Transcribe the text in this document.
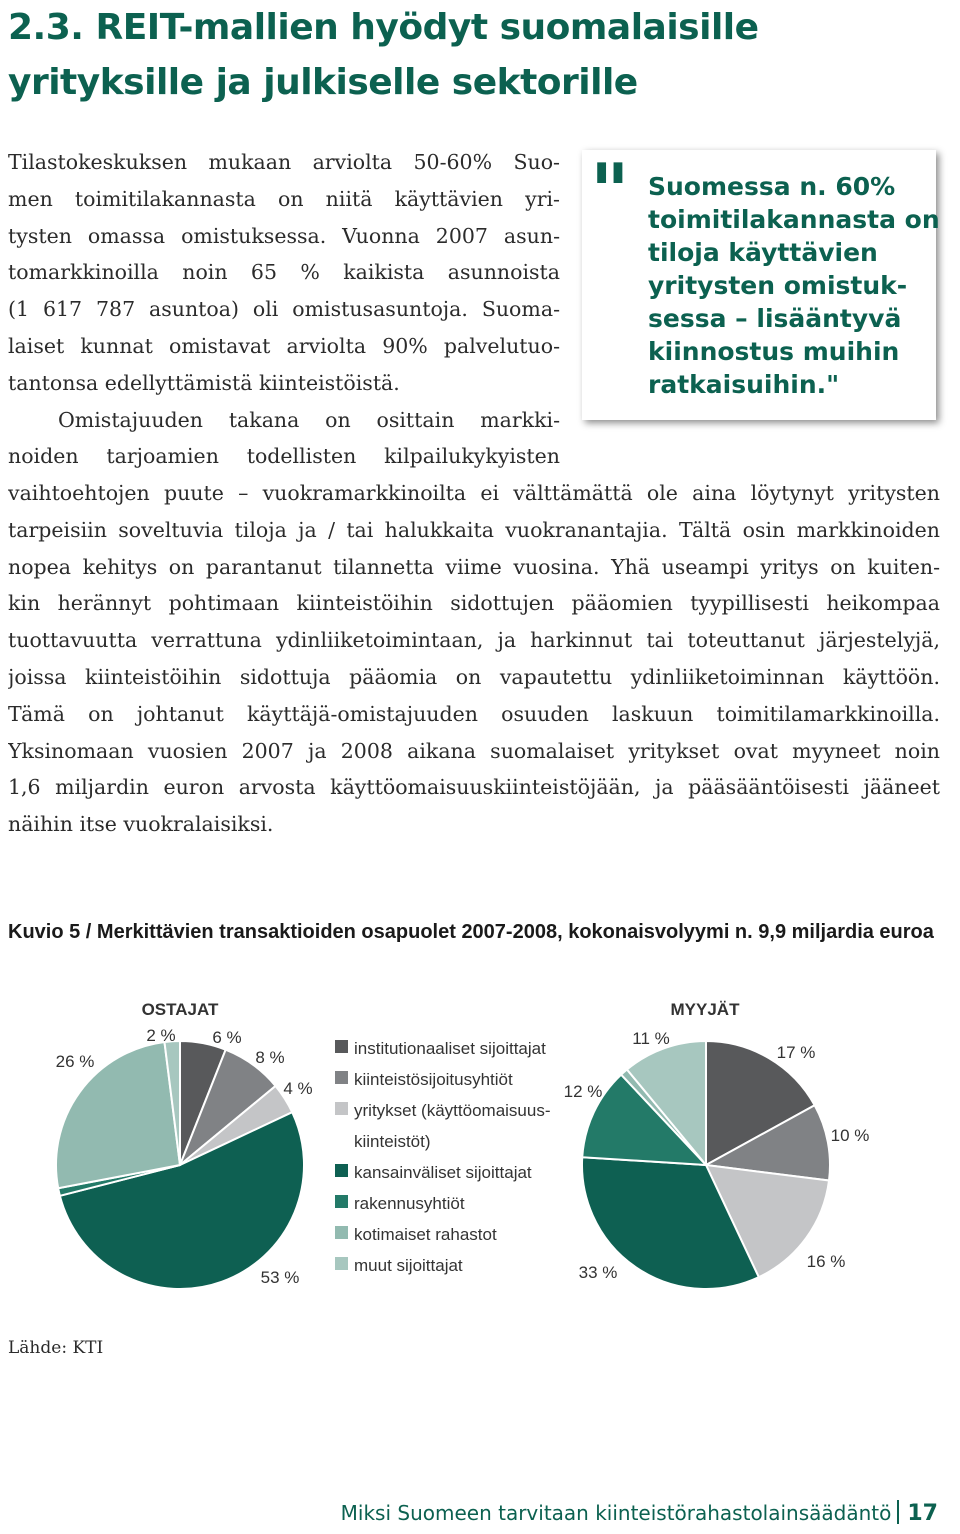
2.3. REIT-mallien hyödyt suomalaisille
yrityksille ja julkiselle sektorille
Tilastokeskuksen mukaan arviolta 50-60% Suo-
men toimitilakannasta on niitä käyttävien yri-
tysten omassa omistuksessa. Vuonna 2007 asun-
tomarkkinoilla noin 65 % kaikista asunnoista
(1 617 787 asuntoa) oli omistusasuntoja. Suoma-
laiset kunnat omistavat arviolta 90% palvelutuo-
tantonsa edellyttämistä kiinteistöistä.
Omistajuuden takana on osittain markki-
noiden tarjoamien todellisten kilpailukykyisten
" Suomessa n. 60%
toimitilakannasta on
tiloja käyttävien
yritysten omistuk-
sessa – lisääntyvä
kiinnostus muihin
ratkaisuihin."
vaihtoehtojen puute – vuokramarkkinoilta ei välttämättä ole aina löytynyt yritysten
tarpeisiin soveltuvia tiloja ja / tai halukkaita vuokranantajia. Tältä osin markkinoiden
nopea kehitys on parantanut tilannetta viime vuosina. Yhä useampi yritys on kuiten-
kin herännyt pohtimaan kiinteistöihin sidottujen pääomien tyypillisesti heikompaa
tuottavuutta verrattuna ydinliiketoimintaan, ja harkinnut tai toteuttanut järjestelyjä,
joissa kiinteistöihin sidottuja pääomia on vapautettu ydinliiketoiminnan käyttöön.
Tämä on johtanut käyttäjä-omistajuuden osuuden laskuun toimitilamarkkinoilla.
Yksinomaan vuosien 2007 ja 2008 aikana suomalaiset yritykset ovat myyneet noin
1,6 miljardin euron arvosta käyttöomaisuuskiinteistöjään, ja pääsääntöisesti jääneet
näihin itse vuokralaisiksi.
Kuvio 5 / Merkittävien transaktioiden osapuolet 2007-2008, kokonaisvolyymi n. 9,9 miljardia euroa
OSTAJAT	MYYJÄT
6 %
8 %
4 %
53 %
26 %
2 %
17 %
10 %
16 %
33 %
12 %
11 %
institutionaaliset sijoittajat
kiinteistösijoitusyhtiöt
yritykset (käyttöomaisuus-
kiinteistöt)
kansainväliset sijoittajat
rakennusyhtiöt
kotimaiset rahastot
muut sijoittajat
Lähde: KTI
Miksi Suomeen tarvitaan kiinteistörahastolainsäädäntö 17
